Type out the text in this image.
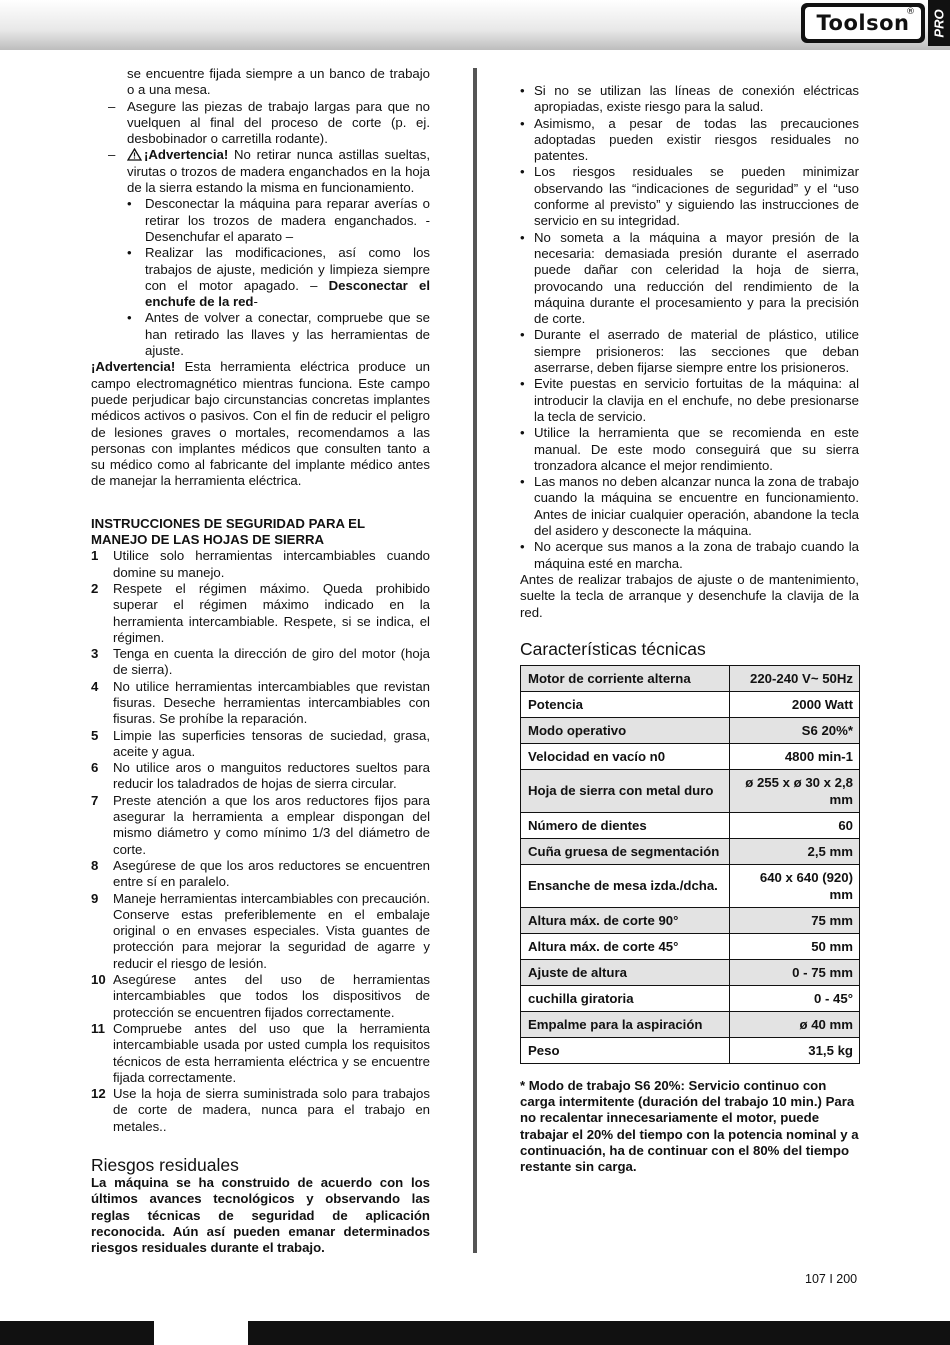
Toolson
® PRO

se encuentre fijada siempre a un banco de trabajo o a una mesa.

– Asegure las piezas de trabajo largas para que no vuelquen al final del proceso de corte (p. ej. desbobinador o carretilla rodante).

– ¡Advertencia! No retirar nunca astillas sueltas, virutas o trozos de madera enganchados en la hoja de la sierra estando la misma en funcionamiento.

• Desconectar la máquina para reparar averías o retirar los trozos de madera enganchados. - Desenchufar el aparato –

• Realizar las modificaciones, así como los trabajos de ajuste, medición y limpieza siempre con el motor apagado. – Desconectar el enchufe de la red-

• Antes de volver a conectar, compruebe que se han retirado las llaves y las herramientas de ajuste.

¡Advertencia! Esta herramienta eléctrica produce un campo electromagnético mientras funciona. Este campo puede perjudicar bajo circunstancias concretas implantes médicos activos o pasivos. Con el fin de reducir el peligro de lesiones graves o mortales, recomendamos a las personas con implantes médicos que consulten tanto a su médico como al fabricante del implante médico antes de manejar la herramienta eléctrica.

INSTRUCCIONES DE SEGURIDAD PARA EL
MANEJO DE LAS HOJAS DE SIERRA

1 Utilice solo herramientas intercambiables cuando domine su manejo.

2 Respete el régimen máximo. Queda prohibido superar el régimen máximo indicado en la herramienta intercambiable. Respete, si se indica, el régimen.

3 Tenga en cuenta la dirección de giro del motor (hoja de sierra).

4 No utilice herramientas intercambiables que revistan fisuras. Deseche herramientas intercambiables con fisuras. Se prohíbe la reparación.

5 Limpie las superficies tensoras de suciedad, grasa, aceite y agua.

6 No utilice aros o manguitos reductores sueltos para reducir los taladrados de hojas de sierra circular.

7 Preste atención a que los aros reductores fijos para asegurar la herramienta a emplear dispongan del mismo diámetro y como mínimo 1/3 del diámetro de corte.

8 Asegúrese de que los aros reductores se encuentren entre sí en paralelo.

9 Maneje herramientas intercambiables con precaución. Conserve estas preferiblemente en el embalaje original o en envases especiales. Vista guantes de protección para mejorar la seguridad de agarre y reducir el riesgo de lesión.

10 Asegúrese antes del uso de herramientas intercambiables que todos los dispositivos de protección se encuentren fijados correctamente.

11 Compruebe antes del uso que la herramienta intercambiable usada por usted cumpla los requisitos técnicos de esta herramienta eléctrica y se encuentre fijada correctamente.

12 Use la hoja de sierra suministrada solo para trabajos de corte de madera, nunca para el trabajo en metales..

Riesgos residuales

La máquina se ha construido de acuerdo con los últimos avances tecnológicos y observando las reglas técnicas de seguridad de aplicación reconocida. Aún así pueden emanar determinados riesgos residuales durante el trabajo.

• Si no se utilizan las líneas de conexión eléctricas apropiadas, existe riesgo para la salud.

• Asimismo, a pesar de todas las precauciones adoptadas pueden existir riesgos residuales no patentes.

• Los riesgos residuales se pueden minimizar observando las “indicaciones de seguridad” y el “uso conforme al previsto” y siguiendo las instrucciones de servicio en su integridad.

• No someta a la máquina a mayor presión de la necesaria: demasiada presión durante el aserrado puede dañar con celeridad la hoja de sierra, provocando una reducción del rendimiento de la máquina durante el procesamiento y para la precisión de corte.

• Durante el aserrado de material de plástico, utilice siempre prisioneros: las secciones que deban aserrarse, deben fijarse siempre entre los prisioneros.

• Evite puestas en servicio fortuitas de la máquina: al introducir la clavija en el enchufe, no debe presionarse la tecla de servicio.

• Utilice la herramienta que se recomienda en este manual. De este modo conseguirá que su sierra tronzadora alcance el mejor rendimiento.

• Las manos no deben alcanzar nunca la zona de trabajo cuando la máquina se encuentre en funcionamiento. Antes de iniciar cualquier operación, abandone la tecla del asidero y desconecte la máquina.

• No acerque sus manos a la zona de trabajo cuando la máquina esté en marcha.

Antes de realizar trabajos de ajuste o de mantenimiento, suelte la tecla de arranque y desenchufe la clavija de la red.

Características técnicas

Motor de corriente alterna	220-240 V~ 50Hz
Potencia	2000 Watt
Modo operativo	S6 20%*
Velocidad en vacío n0	4800 min-1
Hoja de sierra con metal duro	ø 255 x ø 30 x 2,8 mm
Número de dientes	60
Cuña gruesa de segmentación	2,5 mm
Ensanche de mesa izda./dcha.	640 x 640 (920) mm
Altura máx. de corte 90°	75 mm
Altura máx. de corte 45°	50 mm
Ajuste de altura	0 - 75 mm
cuchilla giratoria	0 - 45°
Empalme para la aspiración	ø 40 mm
Peso	31,5 kg

* Modo de trabajo S6 20%: Servicio continuo con carga intermitente (duración del trabajo 10 min.) Para no recalentar innecesariamente el motor, puede trabajar el 20% del tiempo con la potencia nominal y a continuación, ha de continuar con el 80% del tiempo restante sin carga.

107 I 200
